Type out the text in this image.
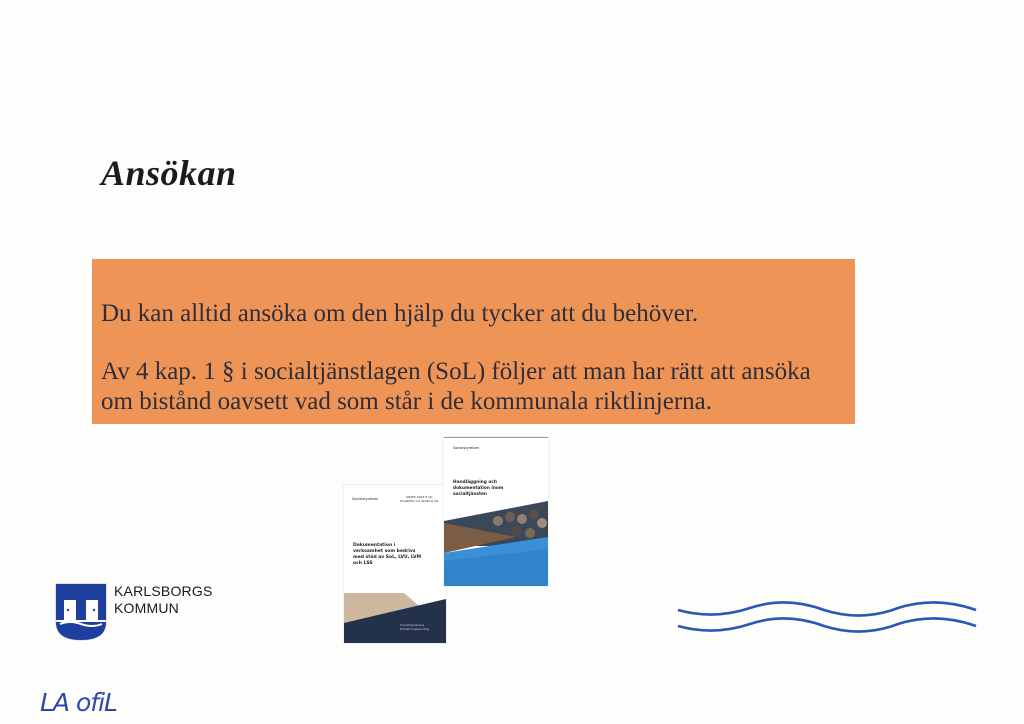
Ansökan

Du kan alltid ansöka om den hjälp du tycker att du behöver.

Av 4 kap. 1 § i socialtjänstlagen (SoL) följer att man har rätt att ansöka om bistånd oavsett vad som står i de kommunala riktlinjerna.

Socialstyrelsen	SOSFS 2014:5 (S)
Föreskrifter och allmänna råd
Dokumentation i verksamhet som bedrivs med stöd av SoL, LVU, LVM och LSS
Socialstyrelsens författningssamling
Socialstyrelsen
Handläggning och dokumentation inom socialtjänsten
KARLSBORGS
KOMMUN
LA ofiL
